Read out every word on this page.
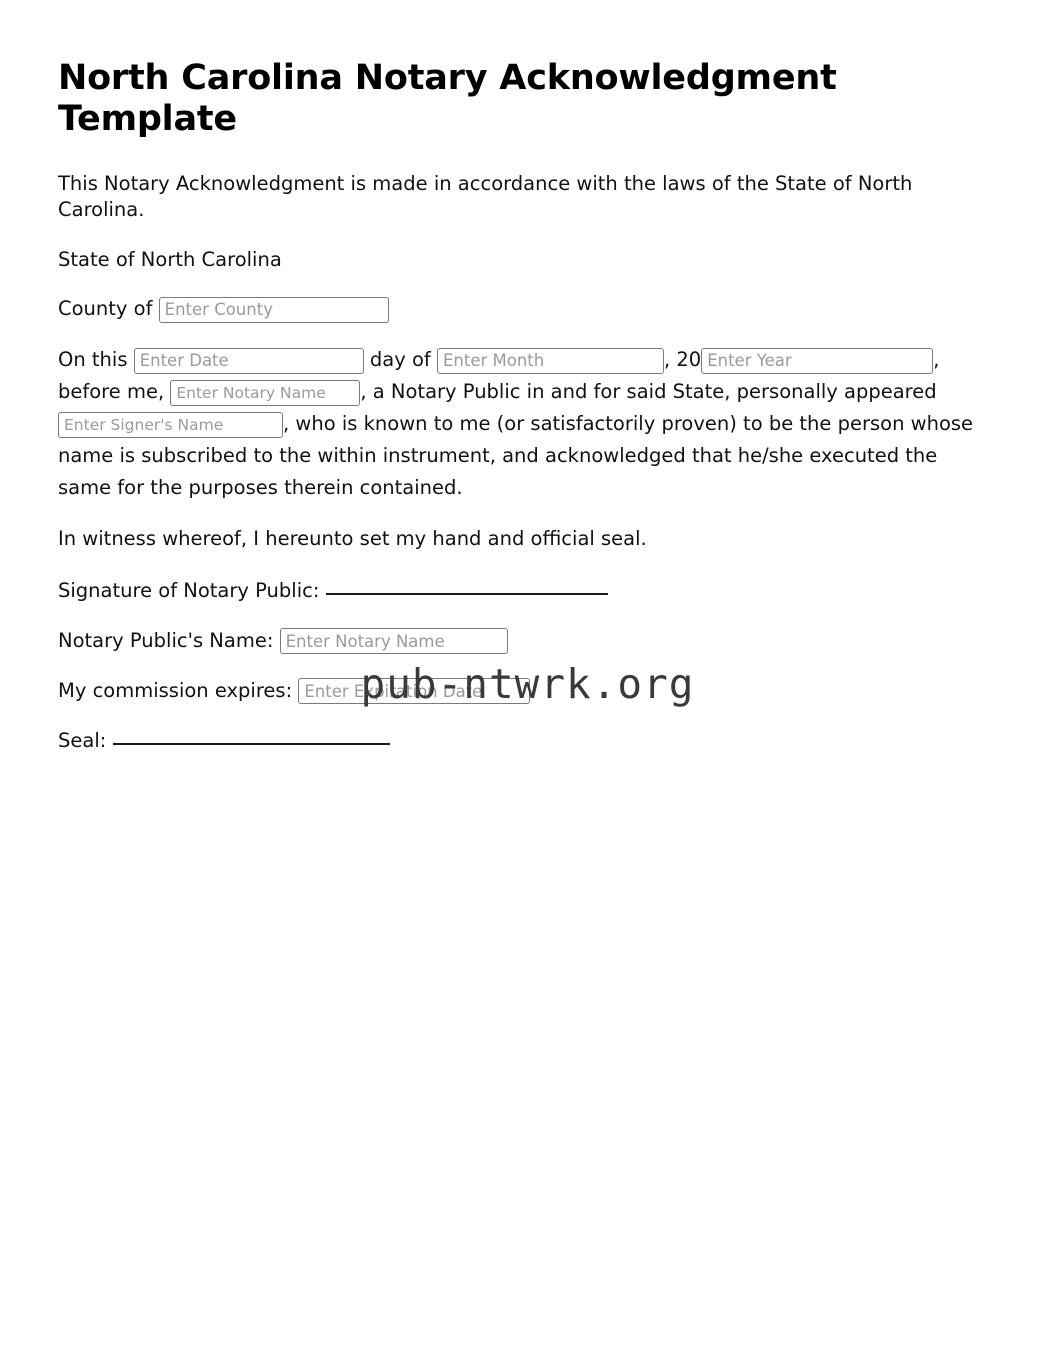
North Carolina Notary Acknowledgment Template

This Notary Acknowledgment is made in accordance with the laws of the State of North Carolina.

State of North Carolina

County of Enter County
On this Enter Date	day of Enter Month	, 20Enter Year	, before me, Enter Notary Name	, a Notary Public in and for said State, personally appeared Enter Signer's Name, who is known to me (or satisfactorily proven) to be the person whose name is subscribed to the within instrument, and acknowledged that he/she executed the same for the purposes therein contained.

In witness whereof, I hereunto set my hand and official seal.

Signature of Notary Public:
Notary Public's Name: Enter Notary Name
My commission expires: Enter Expiration Date
Seal:
pub-ntwrk.org
